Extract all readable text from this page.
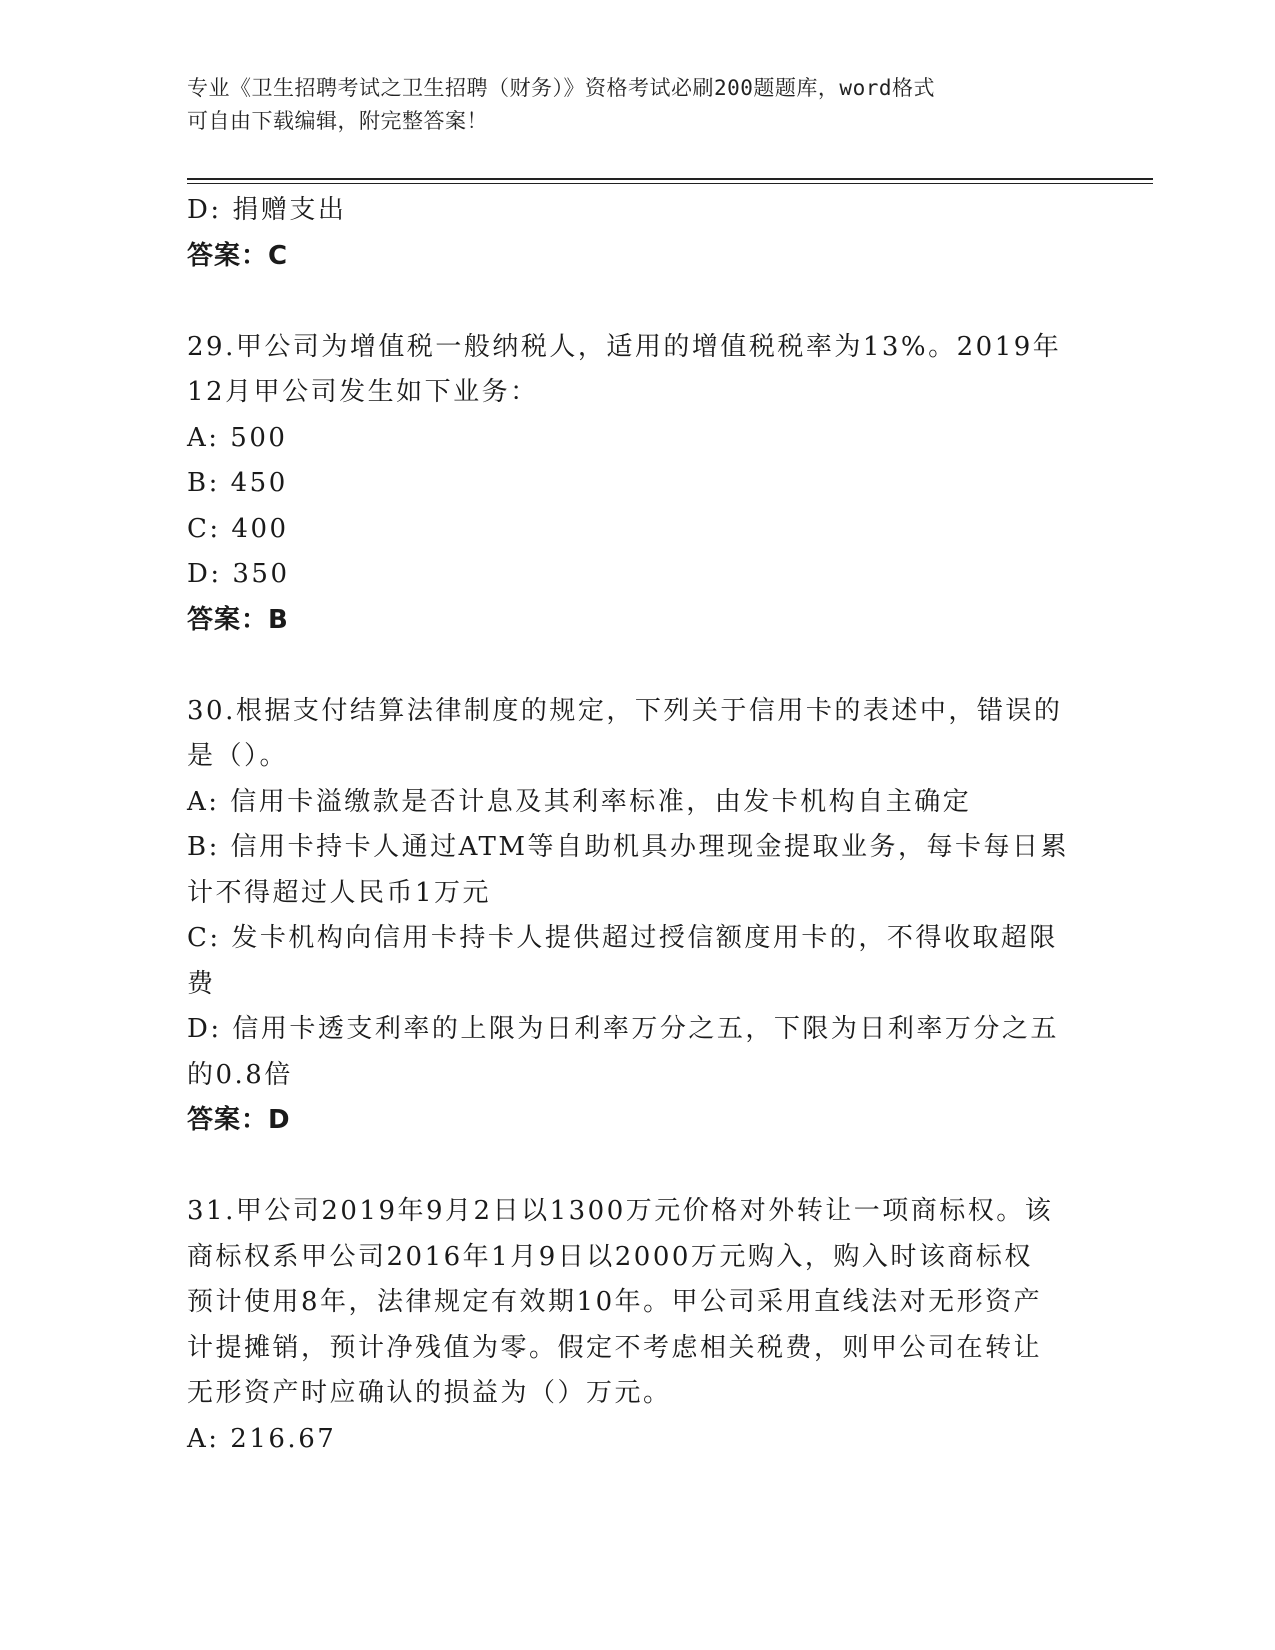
专业《卫生招聘考试之卫生招聘（财务）》资格考试必刷200题题库，word格式
可自由下载编辑，附完整答案！
D: 捐赠支出
答案：C
29.甲公司为增值税一般纳税人，适用的增值税税率为13%。2019年
12月甲公司发生如下业务：
A: 500
B: 450
C: 400
D: 350
答案：B
30.根据支付结算法律制度的规定，下列关于信用卡的表述中，错误的
是（）。
A: 信用卡溢缴款是否计息及其利率标准，由发卡机构自主确定
B: 信用卡持卡人通过ATM等自助机具办理现金提取业务，每卡每日累
计不得超过人民币1万元
C: 发卡机构向信用卡持卡人提供超过授信额度用卡的，不得收取超限
费
D: 信用卡透支利率的上限为日利率万分之五，下限为日利率万分之五
的0.8倍
答案：D
31.甲公司2019年9月2日以1300万元价格对外转让一项商标权。该
商标权系甲公司2016年1月9日以2000万元购入，购入时该商标权
预计使用8年，法律规定有效期10年。甲公司采用直线法对无形资产
计提摊销，预计净残值为零。假定不考虑相关税费，则甲公司在转让
无形资产时应确认的损益为（）万元。
A: 216.67
